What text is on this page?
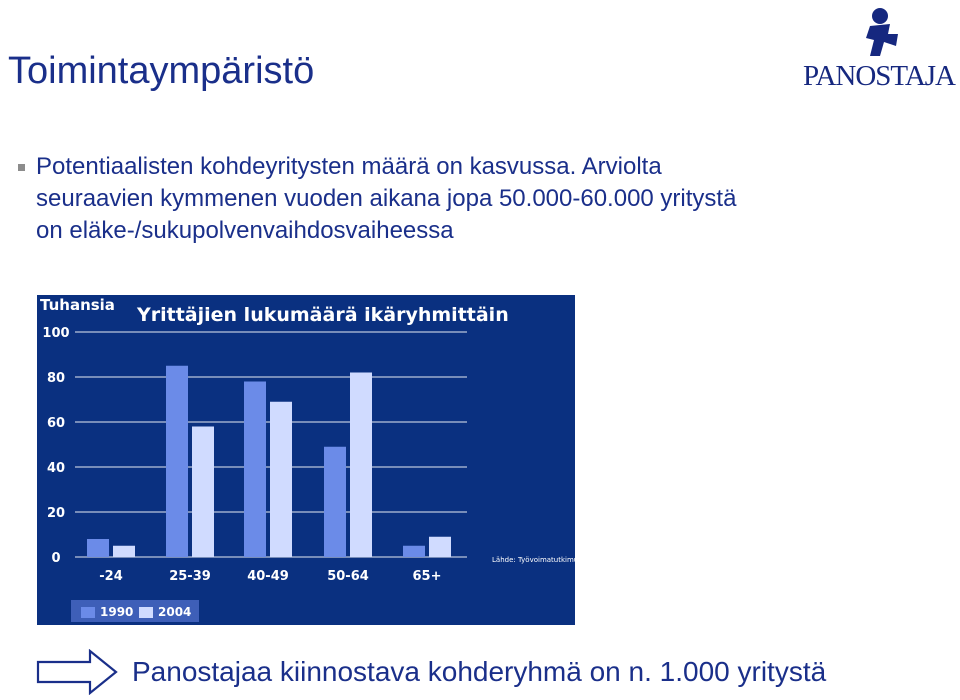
Toimintaympäristö	PANOSTAJA

Potentiaalisten kohdeyritysten määrä on kasvussa. Arviolta
seuraavien kymmenen vuoden aikana jopa 50.000-60.000 yritystä
on eläke-/sukupolvenvaihdosvaiheessa

0
20
40
60
80
100
-24	25-39	40-49	50-64	65+
Tuhansia Yrittäjien lukumäärä ikäryhmittäin
Lähde: Työvoimatutkimus
1990 2004

Panostajaa kiinnostava kohderyhmä on n. 1.000 yritystä
